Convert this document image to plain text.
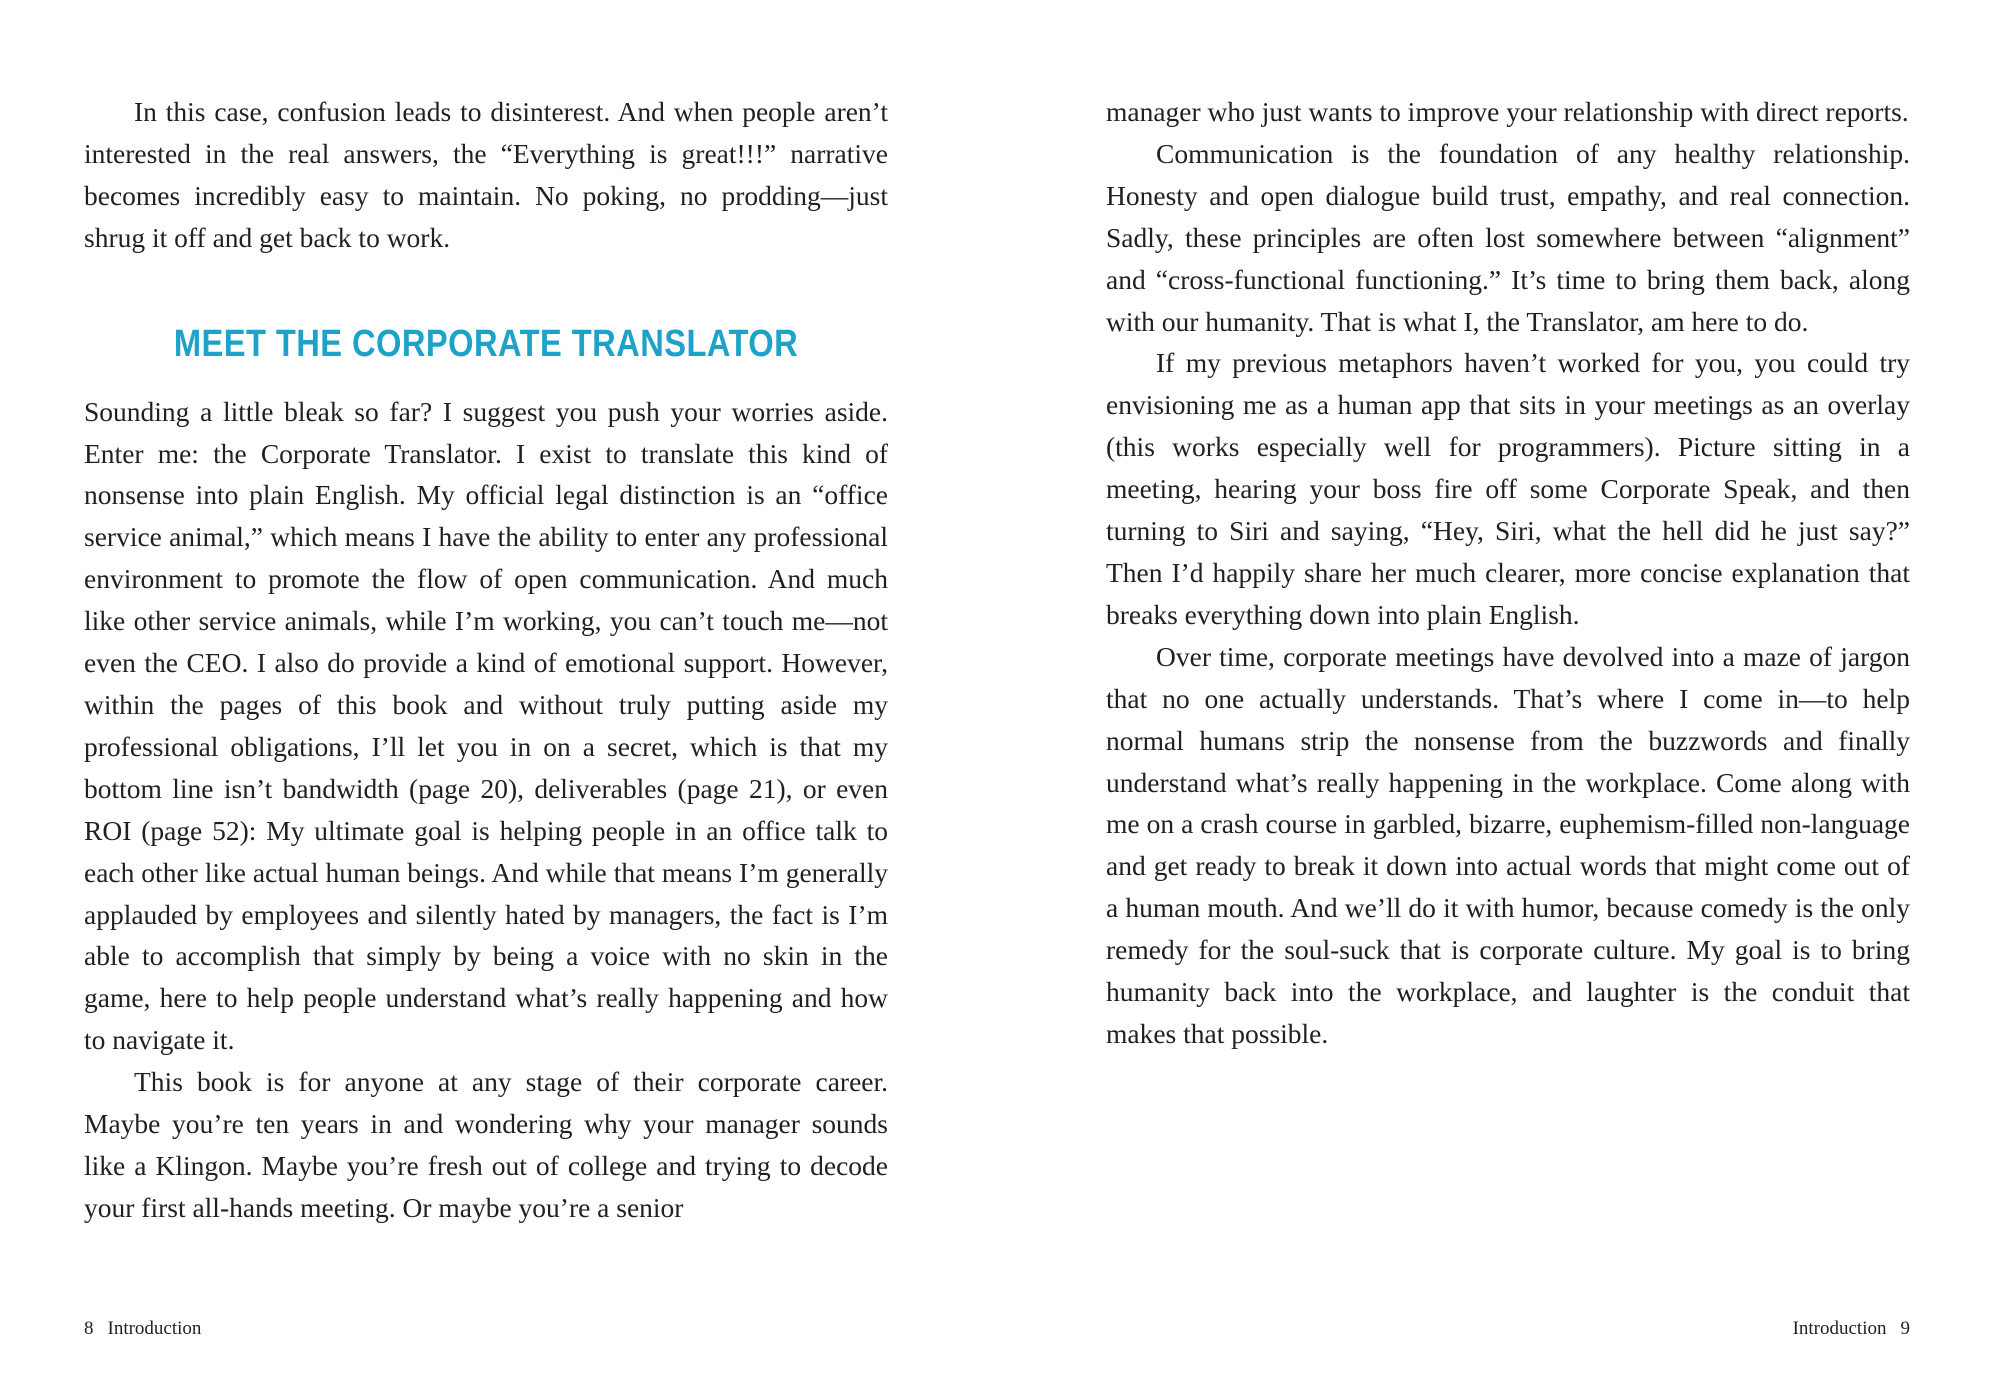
In this case, confusion leads to disinterest. And when people aren’t interested in the real answers, the “Everything is great!!!” narrative becomes incredibly easy to maintain. No poking, no prodding—just shrug it off and get back to work.

MEET THE CORPORATE TRANSLATOR

Sounding a little bleak so far? I suggest you push your worries aside. Enter me: the Corporate Translator. I exist to translate this kind of nonsense into plain English. My official legal distinction is an “office service animal,” which means I have the ability to enter any professional environment to promote the flow of open communication. And much like other service animals, while I’m working, you can’t touch me—not even the CEO. I also do provide a kind of emotional support. However, within the pages of this book and without truly putting aside my professional obligations, I’ll let you in on a secret, which is that my bottom line isn’t bandwidth (page 20), deliverables (page 21), or even ROI (page 52): My ultimate goal is helping people in an office talk to each other like actual human beings. And while that means I’m generally applauded by employees and silently hated by managers, the fact is I’m able to accomplish that simply by being a voice with no skin in the game, here to help people understand what’s really happening and how to navigate it.

This book is for anyone at any stage of their corporate career. Maybe you’re ten years in and wondering why your manager sounds like a Klingon. Maybe you’re fresh out of college and trying to decode your first all-hands meeting. Or maybe you’re a senior

8 Introduction

manager who just wants to improve your relationship with direct reports.

Communication is the foundation of any healthy relationship. Honesty and open dialogue build trust, empathy, and real connection. Sadly, these principles are often lost somewhere between “alignment” and “cross-functional functioning.” It’s time to bring them back, along with our humanity. That is what I, the Translator, am here to do.

If my previous metaphors haven’t worked for you, you could try envisioning me as a human app that sits in your meetings as an overlay (this works especially well for programmers). Picture sitting in a meeting, hearing your boss fire off some Corporate Speak, and then turning to Siri and saying, “Hey, Siri, what the hell did he just say?” Then I’d happily share her much clearer, more concise explanation that breaks everything down into plain English.

Over time, corporate meetings have devolved into a maze of jargon that no one actually understands. That’s where I come in—to help normal humans strip the nonsense from the buzzwords and finally understand what’s really happening in the workplace. Come along with me on a crash course in garbled, bizarre, euphemism-filled non-language and get ready to break it down into actual words that might come out of a human mouth. And we’ll do it with humor, because comedy is the only remedy for the soul-suck that is corporate culture. My goal is to bring humanity back into the workplace, and laughter is the conduit that makes that possible.

Introduction 9
